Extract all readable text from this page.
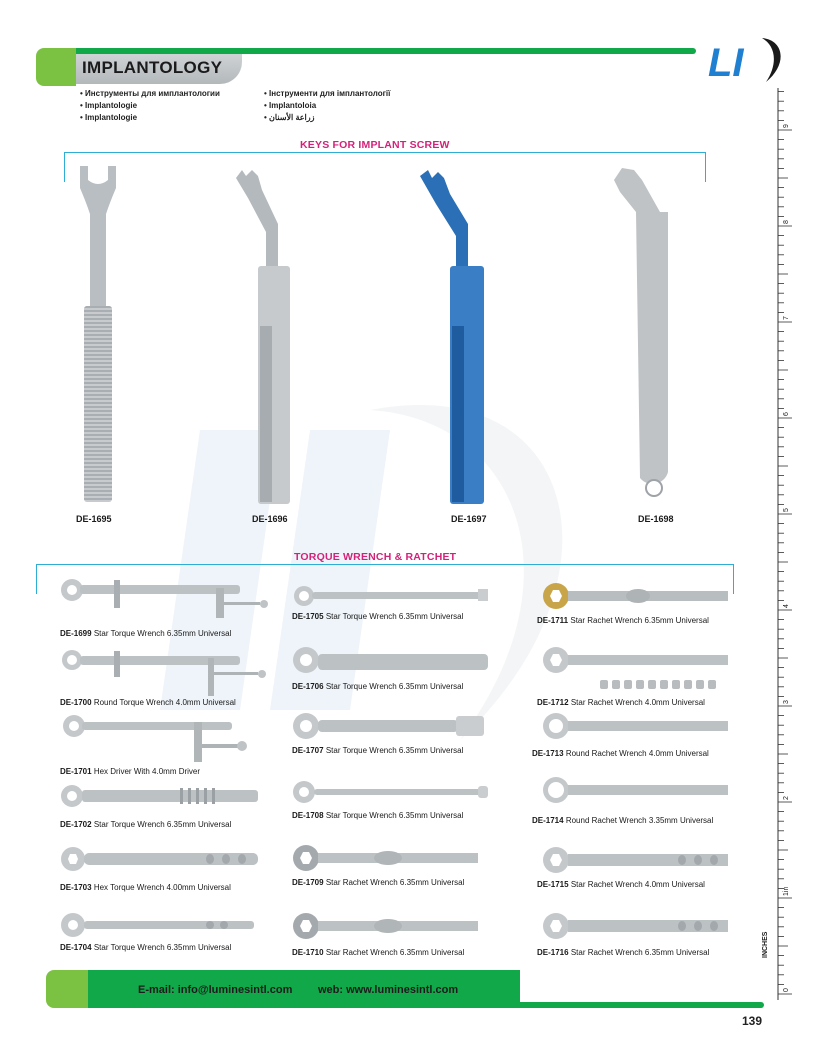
IMPLANTOLOGY	LI
• Инструменты для имплантологии
• Implantologie
• Implantologie
• Інструменти для імплантології
• Implantoloia
• زراعة الأسنان
KEYS FOR IMPLANT SCREW
DE-1695	DE-1696	DE-1697	DE-1698
TORQUE WRENCH & RATCHET
DE-1699 Star Torque Wrench 6.35mm Universal
DE-1700 Round Torque Wrench 4.0mm Universal
DE-1701 Hex Driver With 4.0mm Driver
DE-1702 Star Torque Wrench 6.35mm Universal
DE-1703 Hex Torque Wrench 4.00mm Universal
DE-1704 Star Torque Wrench 6.35mm Universal
DE-1705 Star Torque Wrench 6.35mm Universal
DE-1706 Star Torque Wrench 6.35mm Universal
DE-1707 Star Torque Wrench 6.35mm Universal
DE-1708 Star Torque Wrench 6.35mm Universal
DE-1709 Star Rachet Wrench 6.35mm Universal
DE-1710 Star Rachet Wrench 6.35mm Universal
DE-1711 Star Rachet Wrench 6.35mm Universal
DE-1712 Star Rachet Wrench 4.0mm Universal
DE-1713 Round Rachet Wrench 4.0mm Universal
DE-1714 Round Rachet Wrench 3.35mm Universal
DE-1715 Star Rachet Wrench 4.0mm Universal
DE-1716 Star Rachet Wrench 6.35mm Universal
0
1in
2
3
4
5
6
7
8
9
INCHES
E-mail: info@luminesintl.com web: www.luminesintl.com
139
